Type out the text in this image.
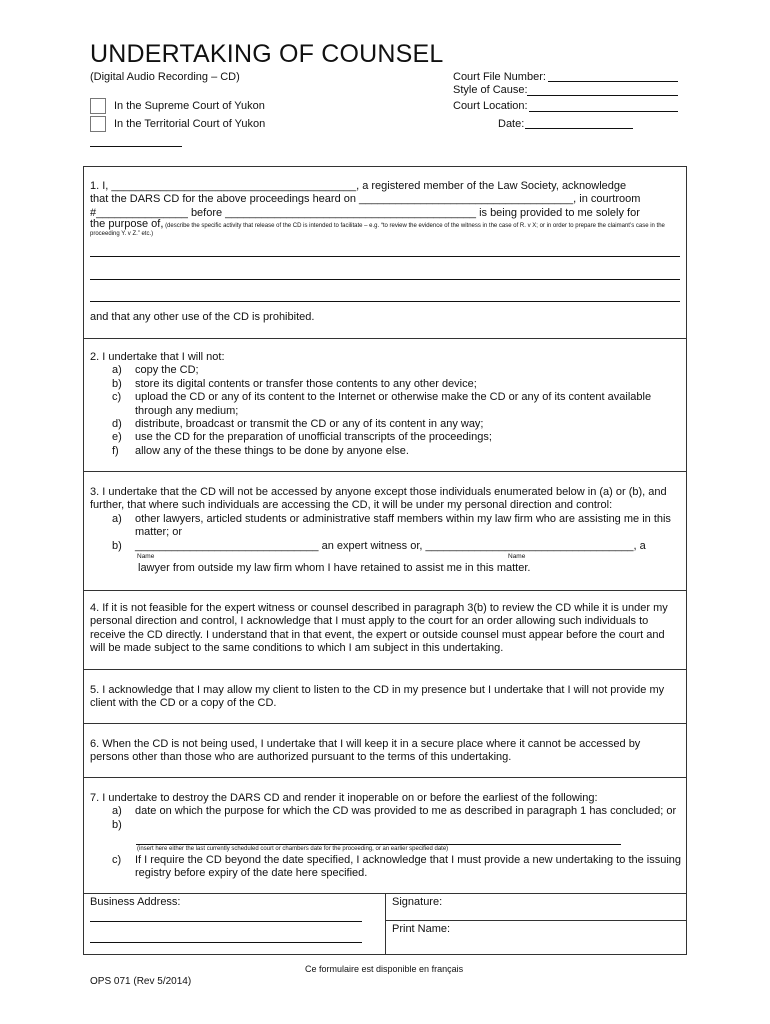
UNDERTAKING OF COUNSEL
(Digital Audio Recording – CD)
In the Supreme Court of Yukon
In the Territorial Court of Yukon
Court File Number:
Style of Cause:
Court Location:
Date:
1. I, ________________________________________, a registered member of the Law Society, acknowledge
that the DARS CD for the above proceedings heard on ___________________________________, in courtroom
#_______________ before _________________________________________ is being provided to me solely for
the purpose of, (describe the specific activity that release of the CD is intended to facilitate – e.g. “to review the evidence of the witness in the case of R. v X; or in order to prepare the claimant’s case in the proceeding Y. v Z.” etc.)
and that any other use of the CD is prohibited.
2. I undertake that I will not:
a)	copy the CD;
b)	store its digital contents or transfer those contents to any other device;
c)	upload the CD or any of its content to the Internet or otherwise make the CD or any of its content available through any medium;
d)	distribute, broadcast or transmit the CD or any of its content in any way;
e)	use the CD for the preparation of unofficial transcripts of the proceedings;
f)	allow any of the these things to be done by anyone else.
3. I undertake that the CD will not be accessed by anyone except those individuals enumerated below in (a) or (b), and further, that where such individuals are accessing the CD, it will be under my personal direction and control:
a)	other lawyers, articled students or administrative staff members within my law firm who are assisting me in this matter; or
b)	______________________________ an expert witness or, __________________________________, a
Name	Name
lawyer from outside my law firm whom I have retained to assist me in this matter.
4. If it is not feasible for the expert witness or counsel described in paragraph 3(b) to review the CD while it is under my personal direction and control, I acknowledge that I must apply to the court for an order allowing such individuals to receive the CD directly. I understand that in that event, the expert or outside counsel must appear before the court and will be made subject to the same conditions to which I am subject in this undertaking.
5. I acknowledge that I may allow my client to listen to the CD in my presence but I undertake that I will not provide my client with the CD or a copy of the CD.
6. When the CD is not being used, I undertake that I will keep it in a secure place where it cannot be accessed by persons other than those who are authorized pursuant to the terms of this undertaking.
7. I undertake to destroy the DARS CD and render it inoperable on or before the earliest of the following:
a)	date on which the purpose for which the CD was provided to me as described in paragraph 1 has concluded; or
b)
(insert here either the last currently scheduled court or chambers date for the proceeding, or an earlier specified date)
c)	If I require the CD beyond the date specified, I acknowledge that I must provide a new undertaking to the issuing registry before expiry of the date here specified.
Business Address:	Signature:
Print Name:
Ce formulaire est disponible en français
OPS 071 (Rev 5/2014)
